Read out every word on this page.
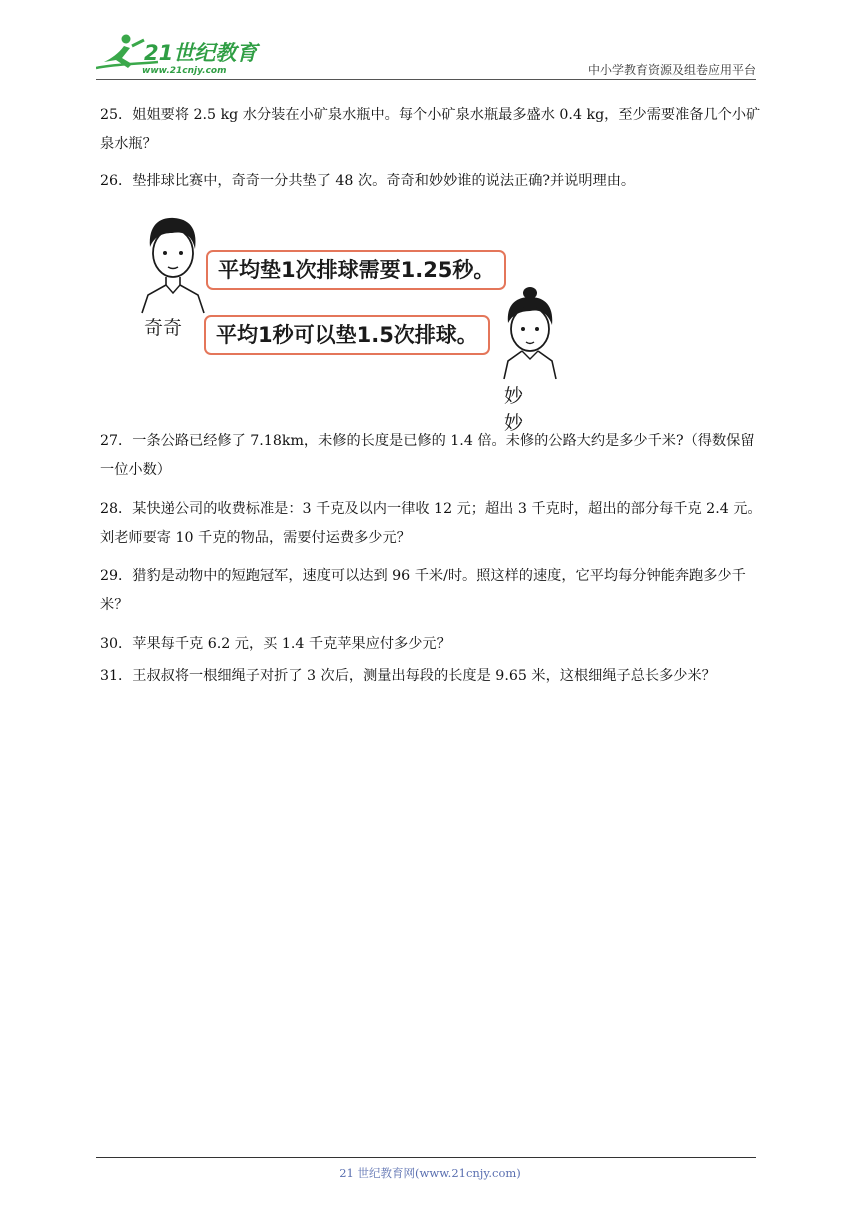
21世纪教育
www.21cnjy.com	中小学教育资源及组卷应用平台

25．姐姐要将 2.5 kg 水分装在小矿泉水瓶中。每个小矿泉水瓶最多盛水 0.4 kg，至少需要准备几个小矿泉水瓶？

26．垫排球比赛中，奇奇一分共垫了 48 次。奇奇和妙妙谁的说法正确?并说明理由。

奇奇
平均垫1次排球需要1.25秒。
平均1秒可以垫1.5次排球。
妙妙

27．一条公路已经修了 7.18km，未修的长度是已修的 1.4 倍。未修的公路大约是多少千米?（得数保留一位小数）

28．某快递公司的收费标准是：3 千克及以内一律收 12 元；超出 3 千克时，超出的部分每千克 2.4 元。刘老师要寄 10 千克的物品，需要付运费多少元？

29．猎豹是动物中的短跑冠军，速度可以达到 96 千米/时。照这样的速度，它平均每分钟能奔跑多少千米？

30．苹果每千克 6.2 元，买 1.4 千克苹果应付多少元？

31．王叔叔将一根细绳子对折了 3 次后，测量出每段的长度是 9.65 米，这根细绳子总长多少米？

21 世纪教育网(www.21cnjy.com)
